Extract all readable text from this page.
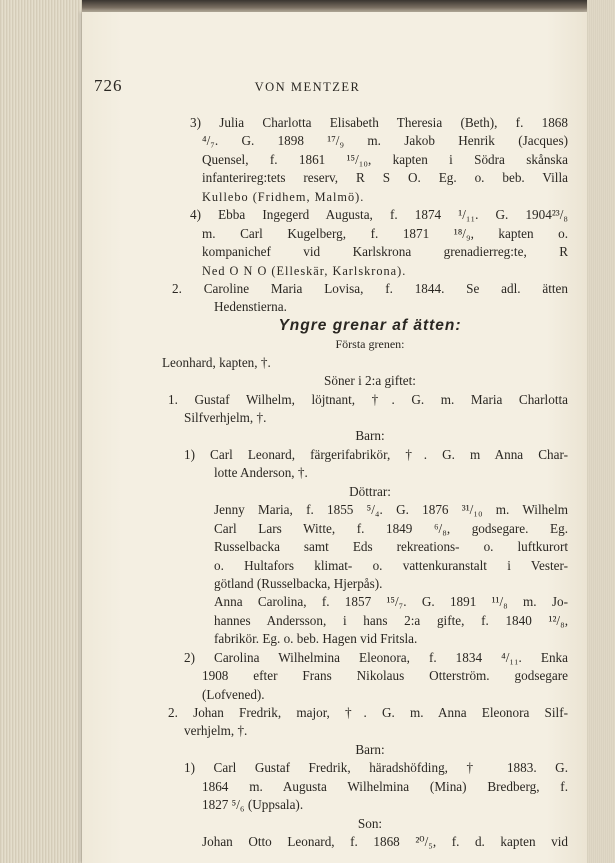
726	VON MENTZER
3) Julia Charlotta Elisabeth Theresia (Beth), f. 1868
⁴/₇. G. 1898 ¹⁷/₉ m. Jakob Henrik (Jacques)
Quensel, f. 1861 ¹⁵/₁₀, kapten i Södra skånska
infanterireg:tets reserv, R S O. Eg. o. beb. Villa
Kullebo (Fridhem, Malmö).
4) Ebba Ingegerd Augusta, f. 1874 ¹/₁₁. G. 1904²³/₈
m. Carl Kugelberg, f. 1871 ¹⁸/₉, kapten o.
kompanichef vid Karlskrona grenadierreg:te, R
Ned O N O (Elleskär, Karlskrona).
2. Caroline Maria Lovisa, f. 1844. Se adl. ätten
Hedenstierna.
Yngre grenar af ätten:
Första grenen:
Leonhard, kapten, †.
Söner i 2:a giftet:
1. Gustaf Wilhelm, löjtnant, †. G. m. Maria Charlotta
Silfverhjelm, †.
Barn:
1) Carl Leonard, färgerifabrikör, †. G. m Anna Char-
lotte Anderson, †.
Döttrar:
Jenny Maria, f. 1855 ⁵/₄. G. 1876 ³¹/₁₀ m. Wilhelm
Carl Lars Witte, f. 1849 ⁶/₈, godsegare. Eg.
Russelbacka samt Eds rekreations- o. luftkurort
o. Hultafors klimat- o. vattenkuranstalt i Vester-
götland (Russelbacka, Hjerpås).
Anna Carolina, f. 1857 ¹⁵/₇. G. 1891 ¹¹/₈ m. Jo-
hannes Andersson, i hans 2:a gifte, f. 1840 ¹²/₈,
fabrikör. Eg. o. beb. Hagen vid Fritsla.
2) Carolina Wilhelmina Eleonora, f. 1834 ⁴/₁₁. Enka
1908 efter Frans Nikolaus Otterström. godsegare
(Lofvened).
2. Johan Fredrik, major, †. G. m. Anna Eleonora Silf-
verhjelm, †.
Barn:
1) Carl Gustaf Fredrik, häradshöfding, † 1883. G.
1864 m. Augusta Wilhelmina (Mina) Bredberg, f.
1827 ⁵/₆ (Uppsala).
Son:
Johan Otto Leonard, f. 1868 ²⁰/₅, f. d. kapten vid
